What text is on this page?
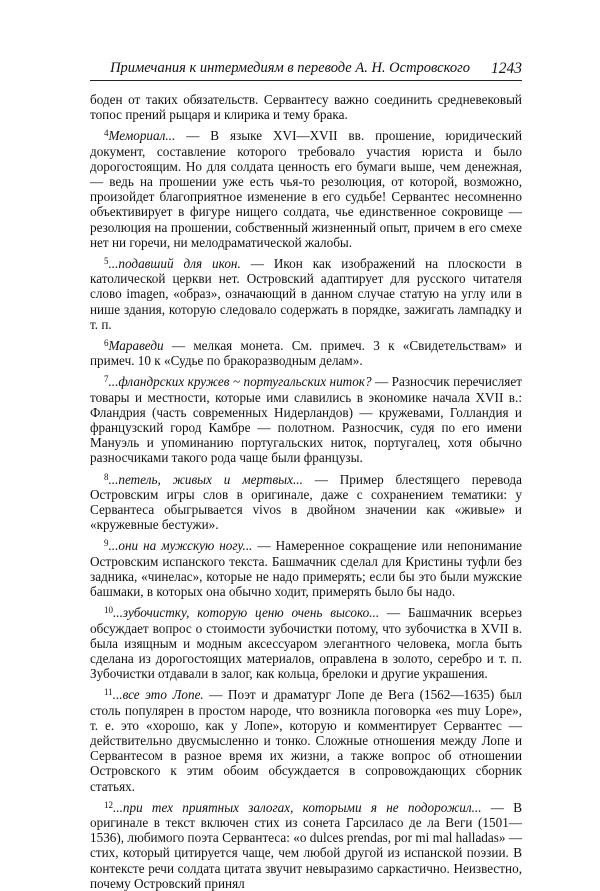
Примечания к интермедиям в переводе А. Н. Островского 1243

боден от таких обязательств. Сервантесу важно соединить средневековый топос прений рыцаря и клирика и тему брака.

$^4$Мемориал... — В языке XVI—XVII вв. прошение, юридический документ, составление которого требовало участия юриста и было дорогостоящим. Но для солдата ценность его бумаги выше, чем денежная, — ведь на прошении уже есть чья-то резолюция, от которой, возможно, произойдет благоприятное изменение в его судьбе! Сервантес несомненно объективирует в фигуре нищего солдата, чье единственное сокровище — резолюция на прошении, собственный жизненный опыт, причем в его смехе нет ни горечи, ни мелодраматической жалобы.

$^5$...подавший для икон. — Икон как изображений на плоскости в католической церкви нет. Островский адаптирует для русского читателя слово imagen, «образ», означающий в данном случае статую на углу или в нише здания, которую следовало содержать в порядке, зажигать лампадку и т. п.

$^6$Мараведи — мелкая монета. См. примеч. 3 к «Свидетельствам» и примеч. 10 к «Судье по бракоразводным делам».

$^7$...фландрских кружев ~ португальских ниток? — Разносчик перечисляет товары и местности, которые ими славились в экономике начала XVII в.: Фландрия (часть современных Нидерландов) — кружевами, Голландия и французский город Камбре — полотном. Разносчик, судя по его имени Мануэль и упоминанию португальских ниток, португалец, хотя обычно разносчиками такого рода чаще были французы.

$^8$...петель, живых и мертвых... — Пример блестящего перевода Островским игры слов в оригинале, даже с сохранением тематики: у Сервантеса обыгрывается vivos в двойном значении как «живые» и «кружевные бестужи».

$^9$...они на мужскую ногу... — Намеренное сокращение или непонимание Островским испанского текста. Башмачник сделал для Кристины туфли без задника, «чинелас», которые не надо примерять; если бы это были мужские башмаки, в которых она обычно ходит, примерять было бы надо.

$^{10}$...зубочистку, которую ценю очень высоко... — Башмачник всерьез обсуждает вопрос о стоимости зубочистки потому, что зубочистка в XVII в. была изящным и модным аксессуаром элегантного человека, могла быть сделана из дорогостоящих материалов, оправлена в золото, серебро и т. п. Зубочистки отдавали в залог, как кольца, брелоки и другие украшения.

$^{11}$...все это Лопе. — Поэт и драматург Лопе де Вега (1562—1635) был столь популярен в простом народе, что возникла поговорка «es muy Lope», т. е. это «хорошо, как у Лопе», которую и комментирует Сервантес — действительно двусмысленно и тонко. Сложные отношения между Лопе и Сервантесом в разное время их жизни, а также вопрос об отношении Островского к этим обоим обсуждается в сопровождающих сборник статьях.

$^{12}$...при тех приятных залогах, которыми я не подорожил... — В оригинале в текст включен стих из сонета Гарсиласо де ла Веги (1501—1536), любимого поэта Сервантеса: «o dulces prendas, por mi mal halladas» — стих, который цитируется чаще, чем любой другой из испанской поэзии. В контексте речи солдата цитата звучит невыразимо саркастично. Неизвестно, почему Островский принял
